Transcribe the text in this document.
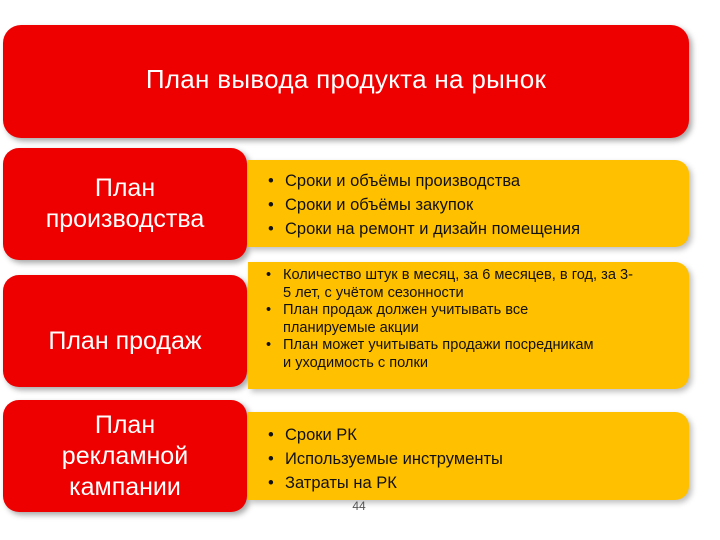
План вывода продукта на рынок
План производства
• Сроки и объёмы производства
• Сроки и объёмы закупок
• Сроки на ремонт и дизайн помещения
План продаж
• Количество штук в месяц, за 6 месяцев, в год, за 3-5 лет, с учётом сезонности
• План продаж должен учитывать все планируемые акции
• План может учитывать продажи посредникам и уходимость с полки
План рекламной кампании
• Сроки РК
• Используемые инструменты
• Затраты на РК
44
